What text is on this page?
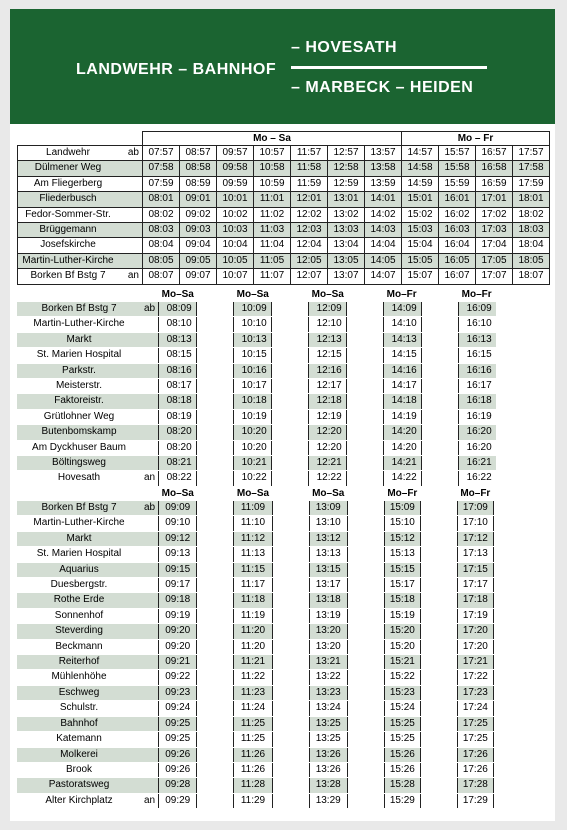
LANDWEHR – BAHNHOF
– HOVESATH
– MARBECK – HEIDEN
		Mo – Sa							Mo – Fr			
Landwehr	ab	07:57	08:57	09:57	10:57	11:57	12:57	13:57	14:57	15:57	16:57	17:57
Dülmener Weg		07:58	08:58	09:58	10:58	11:58	12:58	13:58	14:58	15:58	16:58	17:58
Am Fliegerberg		07:59	08:59	09:59	10:59	11:59	12:59	13:59	14:59	15:59	16:59	17:59
Fliederbusch		08:01	09:01	10:01	11:01	12:01	13:01	14:01	15:01	16:01	17:01	18:01
Fedor-Sommer-Str.		08:02	09:02	10:02	11:02	12:02	13:02	14:02	15:02	16:02	17:02	18:02
Brüggemann		08:03	09:03	10:03	11:03	12:03	13:03	14:03	15:03	16:03	17:03	18:03
Josefskirche		08:04	09:04	10:04	11:04	12:04	13:04	14:04	15:04	16:04	17:04	18:04
Martin-Luther-Kirche		08:05	09:05	10:05	11:05	12:05	13:05	14:05	15:05	16:05	17:05	18:05
Borken Bf Bstg 7	an	08:07	09:07	10:07	11:07	12:07	13:07	14:07	15:07	16:07	17:07	18:07
		Mo–Sa		Mo–Sa		Mo–Sa		Mo–Fr		Mo–Fr
Borken Bf Bstg 7	ab	08:09		10:09		12:09		14:09		16:09
Martin-Luther-Kirche		08:10		10:10		12:10		14:10		16:10
Markt		08:13		10:13		12:13		14:13		16:13
St. Marien Hospital		08:15		10:15		12:15		14:15		16:15
Parkstr.		08:16		10:16		12:16		14:16		16:16
Meisterstr.		08:17		10:17		12:17		14:17		16:17
Faktoreistr.		08:18		10:18		12:18		14:18		16:18
Grütlohner Weg		08:19		10:19		12:19		14:19		16:19
Butenbomskamp		08:20		10:20		12:20		14:20		16:20
Am Dyckhuser Baum		08:20		10:20		12:20		14:20		16:20
Böltingsweg		08:21		10:21		12:21		14:21		16:21
Hovesath	an	08:22		10:22		12:22		14:22		16:22
		Mo–Sa		Mo–Sa		Mo–Sa		Mo–Fr		Mo–Fr
Borken Bf Bstg 7	ab	09:09		11:09		13:09		15:09		17:09
Martin-Luther-Kirche		09:10		11:10		13:10		15:10		17:10
Markt		09:12		11:12		13:12		15:12		17:12
St. Marien Hospital		09:13		11:13		13:13		15:13		17:13
Aquarius		09:15		11:15		13:15		15:15		17:15
Duesbergstr.		09:17		11:17		13:17		15:17		17:17
Rothe Erde		09:18		11:18		13:18		15:18		17:18
Sonnenhof		09:19		11:19		13:19		15:19		17:19
Steverding		09:20		11:20		13:20		15:20		17:20
Beckmann		09:20		11:20		13:20		15:20		17:20
Reiterhof		09:21		11:21		13:21		15:21		17:21
Mühlenhöhe		09:22		11:22		13:22		15:22		17:22
Eschweg		09:23		11:23		13:23		15:23		17:23
Schulstr.		09:24		11:24		13:24		15:24		17:24
Bahnhof		09:25		11:25		13:25		15:25		17:25
Katemann		09:25		11:25		13:25		15:25		17:25
Molkerei		09:26		11:26		13:26		15:26		17:26
Brook		09:26		11:26		13:26		15:26		17:26
Pastoratsweg		09:28		11:28		13:28		15:28		17:28
Alter Kirchplatz	an	09:29		11:29		13:29		15:29		17:29
